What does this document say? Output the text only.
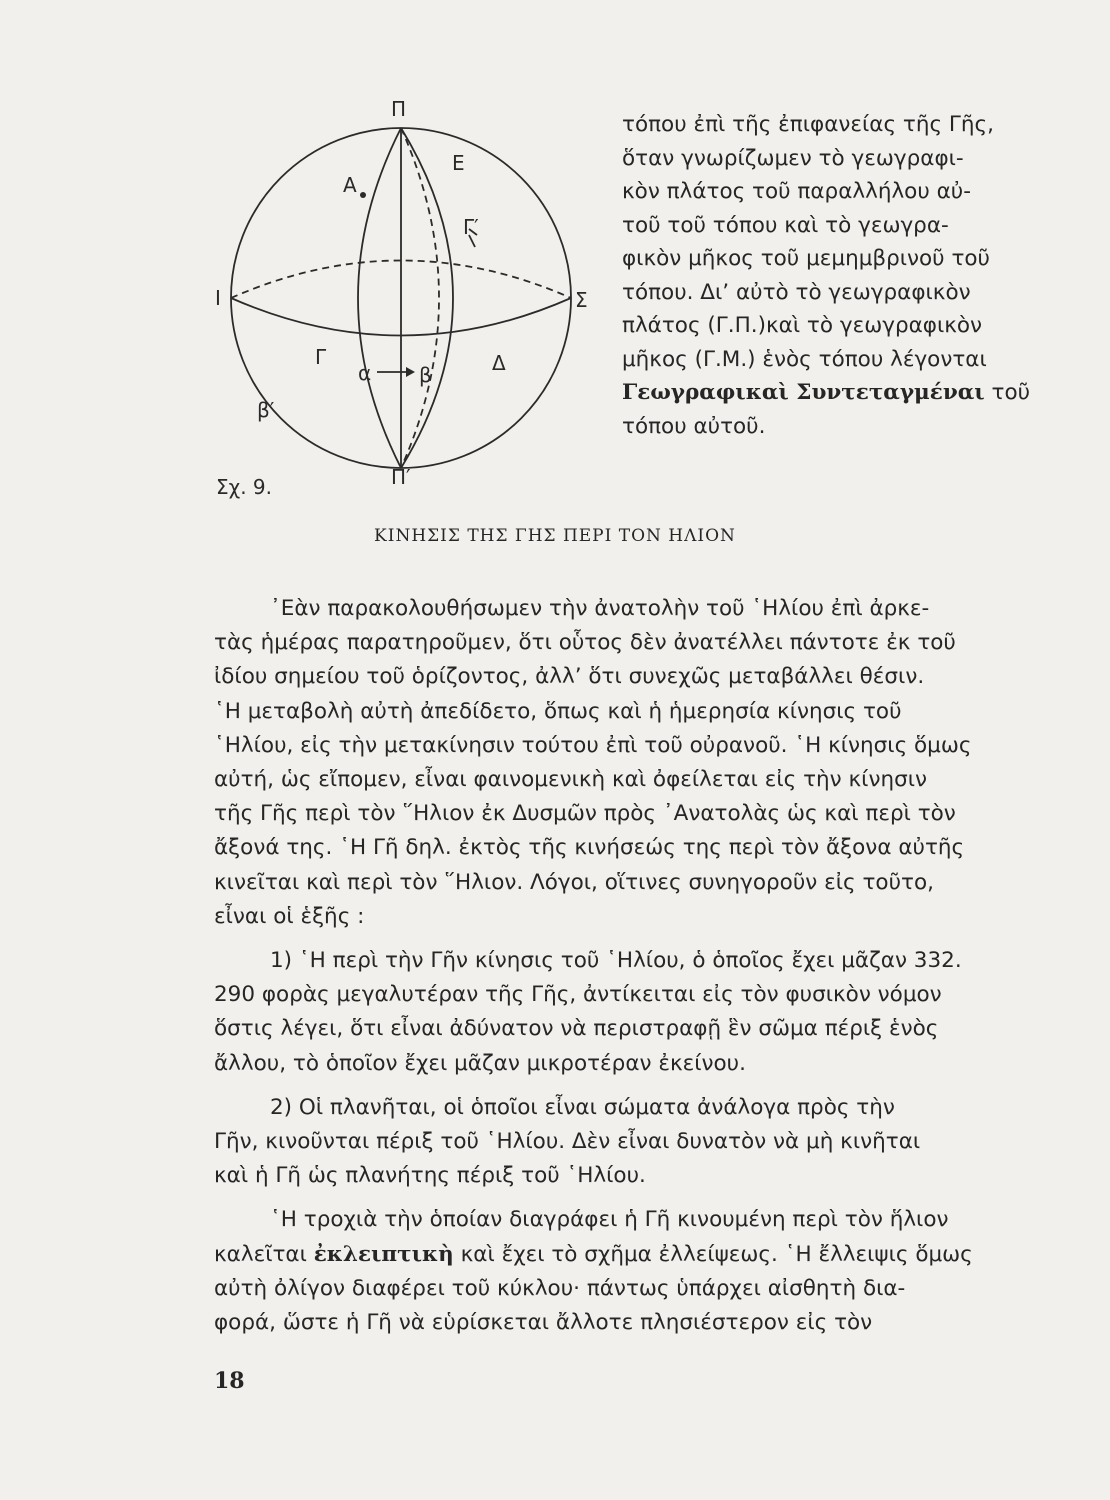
Π
Π′
Ι	Σ
Α
Ε
Γ′
Γ	Δ
β′
α β
Σχ. 9.

τόπου ἐπὶ τῆς ἐπιφανείας τῆς Γῆς,
ὅταν γνωρίζωμεν τὸ γεωγραφι-
κὸν πλάτος τοῦ παραλλήλου αὐ-
τοῦ τοῦ τόπου καὶ τὸ γεωγρα-
φικὸν μῆκος τοῦ μεμημβρινοῦ τοῦ
τόπου. Δι’ αὐτὸ τὸ γεωγραφικὸν
πλάτος (Γ.Π.)καὶ τὸ γεωγραφικὸν
μῆκος (Γ.Μ.) ἑνὸς τόπου λέγονται
Γεωγραφικαὶ Συντεταγμέναι τοῦ
τόπου αὐτοῦ.

ΚΙΝΗΣΙΣ ΤΗΣ ΓΗΣ ΠΕΡΙ ΤΟΝ ΗΛΙΟΝ

᾿Εὰν παρακολουθήσωμεν τὴν ἀνατολὴν τοῦ ῾Ηλίου ἐπὶ ἀρκε-
τὰς ἡμέρας παρατηροῦμεν, ὅτι οὗτος δὲν ἀνατέλλει πάντοτε ἐκ τοῦ
ἰδίου σημείου τοῦ ὁρίζοντος, ἀλλ’ ὅτι συνεχῶς μεταβάλλει θέσιν.
῾Η μεταβολὴ αὐτὴ ἀπεδίδετο, ὅπως καὶ ἡ ἡμερησία κίνησις τοῦ
῾Ηλίου, εἰς τὴν μετακίνησιν τούτου ἐπὶ τοῦ οὐρανοῦ. ῾Η κίνησις ὅμως
αὐτή, ὡς εἴπομεν, εἶναι φαινομενικὴ καὶ ὀφείλεται εἰς τὴν κίνησιν
τῆς Γῆς περὶ τὸν ῞Ηλιον ἐκ Δυσμῶν πρὸς ᾿Ανατολὰς ὡς καὶ περὶ τὸν
ἄξονά της. ῾Η Γῆ δηλ. ἐκτὸς τῆς κινήσεώς της περὶ τὸν ἄξονα αὐτῆς
κινεῖται καὶ περὶ τὸν ῞Ηλιον. Λόγοι, οἵτινες συνηγοροῦν εἰς τοῦτο,
εἶναι οἱ ἑξῆς :

1) ῾Η περὶ τὴν Γῆν κίνησις τοῦ ῾Ηλίου, ὁ ὁποῖος ἔχει μᾶζαν 332.
290 φορὰς μεγαλυτέραν τῆς Γῆς, ἀντίκειται εἰς τὸν φυσικὸν νόμον
ὅστις λέγει, ὅτι εἶναι ἀδύνατον νὰ περιστραφῇ ἓν σῶμα πέριξ ἑνὸς
ἄλλου, τὸ ὁποῖον ἔχει μᾶζαν μικροτέραν ἐκείνου.

2) Οἱ πλανῆται, οἱ ὁποῖοι εἶναι σώματα ἀνάλογα πρὸς τὴν
Γῆν, κινοῦνται πέριξ τοῦ ῾Ηλίου. Δὲν εἶναι δυνατὸν νὰ μὴ κινῆται
καὶ ἡ Γῆ ὡς πλανήτης πέριξ τοῦ ῾Ηλίου.

῾Η τροχιὰ τὴν ὁποίαν διαγράφει ἡ Γῆ κινουμένη περὶ τὸν ἥλιον
καλεῖται ἐκλειπτικὴ καὶ ἔχει τὸ σχῆμα ἐλλείψεως. ῾Η ἔλλειψις ὅμως
αὐτὴ ὀλίγον διαφέρει τοῦ κύκλου· πάντως ὑπάρχει αἰσθητὴ δια-
φορά, ὥστε ἡ Γῆ νὰ εὑρίσκεται ἄλλοτε πλησιέστερον εἰς τὸν

18
